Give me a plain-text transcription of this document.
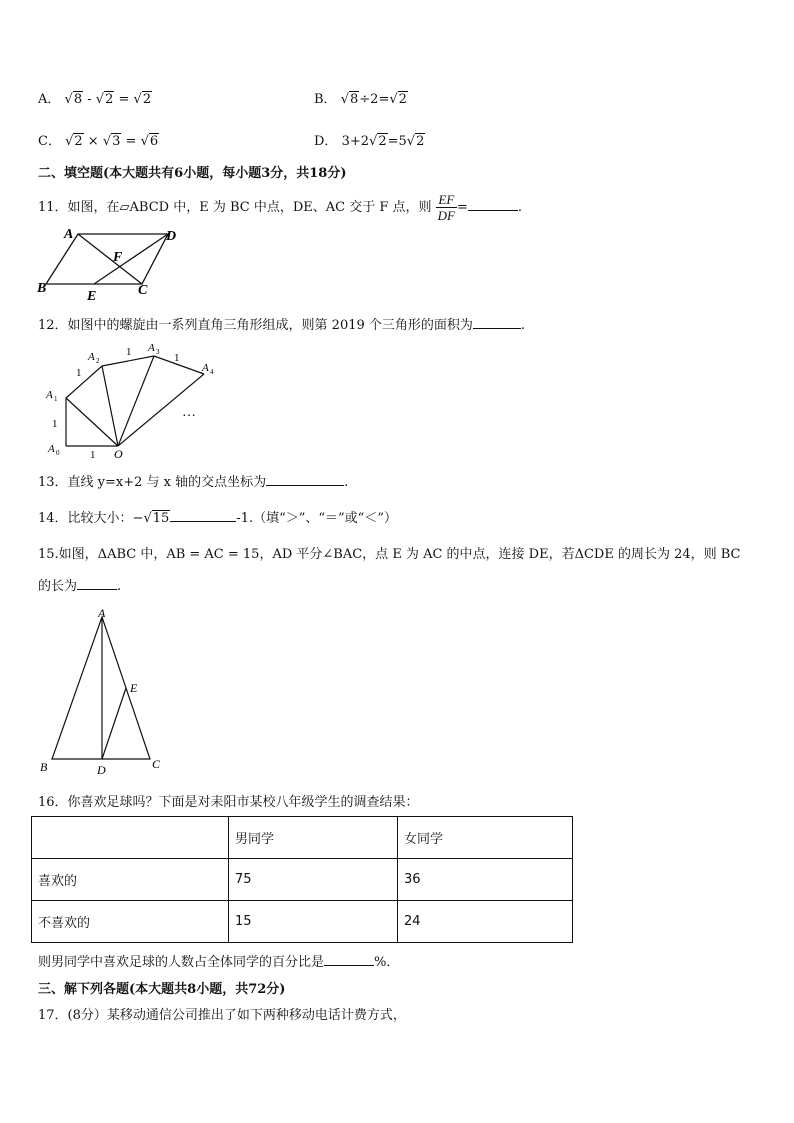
A． √8 - √2 = √2	B． √8÷2=√2
C． √2 × √3 = √6	D． 3+2√2=5√2
二、填空题(本大题共有6小题，每小题3分，共18分)
11．如图，在▱ABCD 中，E 为 BC 中点，DE、AC 交于 F 点，则 $\frac{EF}{DF}$ =	.
A	D
F
B
E	C
12．如图中的螺旋由一系列直角三角形组成，则第 2019 个三角形的面积为	.
A 0
A 1
A 2
A 3
A 4
O
1
1
1
1	1
…
13．直线 y=x+2 与 x 轴的交点坐标为	.
14．比较大小：−√15	-1.（填“＞”、“＝”或“＜”）
15.如图，ΔABC 中，AB = AC = 15，AD 平分∠BAC，点 E 为 AC 的中点，连接 DE，若ΔCDE 的周长为 24，则 BC
的长为	.
A
B	C
D
E
16．你喜欢足球吗？下面是对耒阳市某校八年级学生的调查结果：
	男同学	女同学
喜欢的	75	36
不喜欢的	15	24
则男同学中喜欢足球的人数占全体同学的百分比是	%．
三、解下列各题(本大题共8小题，共72分)
17．(8分）某移动通信公司推出了如下两种移动电话计费方式，
